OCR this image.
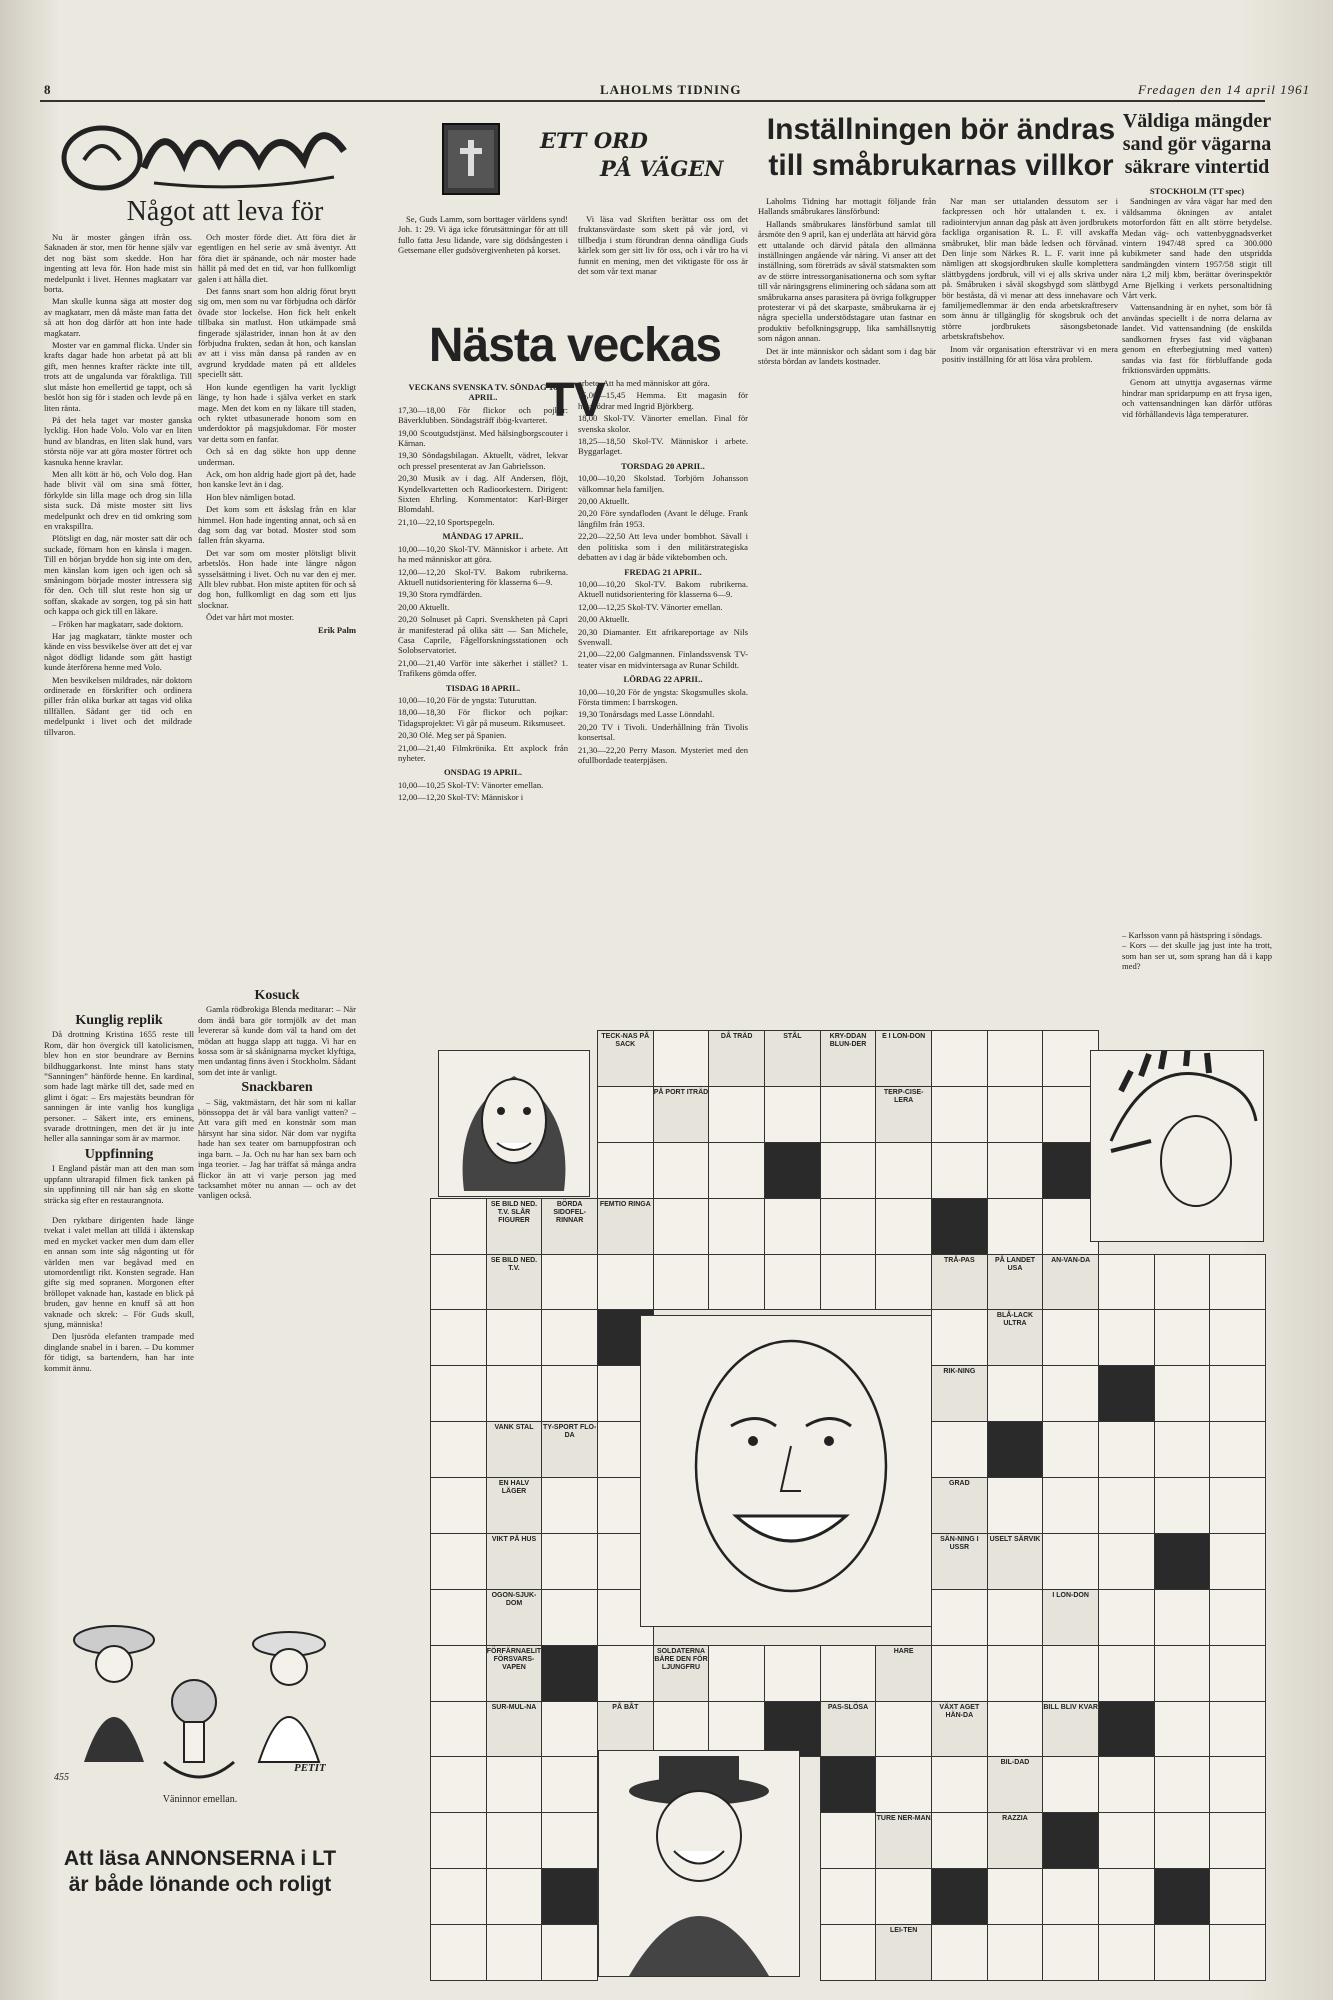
8	LAHOLMS TIDNING	Fredagen den 14 april 1961
Något att leva för

Nu är moster gången ifrån oss. Saknaden är stor, men för henne själv var det nog bäst som skedde. Hon har ingenting att leva för. Hon hade mist sin medelpunkt i livet. Hennes magkatarr var borta.

Man skulle kunna säga att moster dog av magkatarr, men då måste man fatta det så att hon dog därför att hon inte hade magkatarr.

Moster var en gammal flicka. Under sin krafts dagar hade hon arbetat på att bli gift, men hennes krafter räckte inte till, trots att de ungalunda var föraktliga. Till slut måste hon emellertid ge tappt, och så beslöt hon sig för i staden och levde på en liten ränta.

På det hela taget var moster ganska lycklig. Hon hade Volo. Volo var en liten hund av blandras, en liten slak hund, vars största nöje var att göra moster förtret och kasnuka henne kravlar.

Men allt kött är hö, och Volo dog. Han hade blivit väl om sina små fötter, förkylde sin lilla mage och drog sin lilla sista suck. Då miste moster sitt livs medelpunkt och drev en tid omkring som en vrakspillra.

Plötsligt en dag, när moster satt där och suckade, förnam hon en känsla i magen. Till en början brydde hon sig inte om den, men känslan kom igen och igen och så småningom började moster intressera sig för den. Och till slut reste hon sig ur soffan, skakade av sorgen, tog på sin hatt och kappa och gick till en läkare.

– Fröken har magkatarr, sade doktorn.

Har jag magkatarr, tänkte moster och kände en viss besvikelse över att det ej var något dödligt lidande som gått hastigt kunde återförena henne med Volo.

Men besvikelsen mildrades, när doktorn ordinerade en förskrifter och ordinera piller från olika burkar att tagas vid olika tillfällen. Sådant ger tid och en medelpunkt i livet och det mildrade tillvaron.

Och moster förde diet. Att föra diet är egentligen en hel serie av små äventyr. Att föra diet är spänande, och när moster hade hällit på med det en tid, var hon fullkomligt galen i att hålla diet.

Det fanns snart som hon aldrig förut brytt sig om, men som nu var förbjudna och därför övade stor lockelse. Hon fick helt enkelt tillbaka sin matlust. Hon utkämpade små fingerade själastrider, innan hon åt av den förbjudna frukten, sedan åt hon, och kanslan av att i viss mån dansa på randen av en avgrund kryddade maten på ett alldeles speciellt sätt.

Hon kunde egentligen ha varit lyckligt länge, ty hon hade i själva verket en stark mage. Men det kom en ny läkare till staden, och ryktet utbasunerade honom som en underdoktor på magsjukdomar. För moster var detta som en fanfar.

Och så en dag sökte hon upp denne underman.

Ack, om hon aldrig hade gjort på det, hade hon kanske levt än i dag.

Hon blev nämligen botad.

Det kom som ett åskslag från en klar himmel. Hon hade ingenting annat, och så en dag som dag var botad. Moster stod som fallen från skyarna.

Det var som om moster plötsligt blivit arbetslös. Hon hade inte längre någon sysselsättning i livet. Och nu var den ej mer. Allt blev rubbat. Hon miste aptiten för och så dog hon, fullkomligt en dag som ett ljus slocknar.

Ödet var hårt mot moster.

Erik Palm
Kunglig replik

Då drottning Kristina 1655 reste till Rom, där hon övergick till katolicismen, blev hon en stor beundrare av Bernins bildhuggarkonst. Inte minst hans staty ”Sanningen” hänförde henne. En kardinal, som hade lagt märke till det, sade med en glimt i ögat: – Ers majestäts beundran för sanningen är inte vanlig hos kungliga personer. – Säkert inte, ers eminens, svarade drottningen, men det är ju inte heller alla sanningar som är av marmor.

Uppfinning

I England påstår man att den man som uppfann ultrarapid filmen fick tanken på sin uppfinning till när han såg en skotte sträcka sig efter en restaurangnota.

Den ryktbare dirigenten hade länge tvekat i valet mellan att tilldä i äktenskap med en mycket vacker men dum dam eller en annan som inte såg någonting ut för världen men var begåvad med en utomordentligt rikt. Konsten segrade. Han gifte sig med sopranen. Morgonen efter bröllopet vaknade han, kastade en blick på bruden, gav henne en knuff så att hon vaknade och skrek: – För Guds skull, sjung, människa!

Den ljusröda elefanten trampade med dinglande snabel in i baren. – Du kommer för tidigt, sa bartendern, han har inte kommit ännu.

Kosuck

Gamla rödbrokiga Blenda meditarar: – När dom ändå bara gör tormjölk av det man levererar så kunde dom väl ta hand om det mödan att hugga slapp att tugga. Vi har en kossa som är så skånignarna mycket klyftiga, men undantag finns även i Stockholm. Sådant som det inte är vanligt.

Snackbaren

– Säg, vaktmästarn, det här som ni kallar bönssoppa det är väl bara vanligt vatten? – Att vara gift med en konstnär som man härsynt har sina sidor. När dom var nygifta hade han sex teater om barnuppfostran och inga barn. – Ja. Och nu har han sex barn och inga teorier. – Jag har träffat så många andra flickor än att vi varje person jag med tacksamhet möter nu annan — och av det vanligen också.

455
PETIT
Väninnor emellan.
Att läsa ANNONSERNA i LT
är både lönande och roligt
ETT ORD
PÅ VÄGEN

Se, Guds Lamm, som borttager världens synd! Joh. 1: 29. Vi äga icke förutsättningar för att till fullo fatta Jesu lidande, vare sig dödsångesten i Getsemane eller gudsövergivenheten på korset.

Vi läsa vad Skriften berättar oss om det fruktansvärdaste som skett på vår jord, vi tillbedja i stum förundran denna oändliga Guds kärlek som ger sitt liv för oss, och i vår tro ha vi funnit en mening, men det viktigaste för oss är det som vår text manar

Nästa veckas TV
VECKANS SVENSKA TV. SÖNDAG 16 APRIL.
17,30—18,00 För flickor och pojkar: Bäverklubben. Söndagsträff ibög-kvarteret.
19,00 Scoutgudstjänst. Med hälsingborgscouter i Kärnan.
19,30 Söndagsbilagan. Aktuellt, vädret, lekvar och pressel presenterat av Jan Gabrielsson.
20,30 Musik av i dag. Alf Andersen, flöjt, Kyndelkvartetten och Radioorkestern. Dirigent: Sixten Ehrling. Kommentator: Karl-Birger Blomdahl.
21,10—22,10 Sportspegeln.
MÅNDAG 17 APRIL.
10,00—10,20 Skol-TV. Människor i arbete. Att ha med människor att göra.
12,00—12,20 Skol-TV. Bakom rubrikerna. Aktuell nutidsorientering för klasserna 6—9.
19,30 Stora rymdfärden.
20,00 Aktuellt.
20,20 Solnuset på Capri. Svenskheten på Capri är manifesterad på olika sätt — San Michele, Casa Caprile, Fågelforskningsstationen och Solobservatoriet.
21,00—21,40 Varför inte säkerhet i stället? 1. Trafikens gömda offer.
TISDAG 18 APRIL.
10,00—10,20 För de yngsta: Tuturuttan.
18,00—18,30 För flickor och pojkar: Tidagsprojektet: Vi går på museum. Riksmuseet.
20,30 Olé. Meg ser på Spanien.
21,00—21,40 Filmkrönika. Ett axplock från nyheter.
ONSDAG 19 APRIL.
10,00—10,25 Skol-TV: Vänorter emellan.
12,00—12,20 Skol-TV: Människor i
arbete. Att ha med människor att göra.
15,00—15,45 Hemma. Ett magasin för husmödrar med Ingrid Björkberg.
18,00 Skol-TV. Vänorter emellan. Final för svenska skolor.
18,25—18,50 Skol-TV. Människor i arbete. Byggarlaget.
TORSDAG 20 APRIL.
10,00—10,20 Skolstad. Torbjörn Johansson välkomnar hela familjen.
20,00 Aktuellt.
20,20 Före syndafloden (Avant le déluge. Frank långfilm från 1953.
22,20—22,50 Att leva under bombhot. Sävall i den politiska som i den militärstrategiska debatten av i dag är både viktebomben och.
FREDAG 21 APRIL.
10,00—10,20 Skol-TV. Bakom rubrikerna. Aktuell nutidsorientering för klasserna 6—9.
12,00—12,25 Skol-TV. Vänorter emellan.
20,00 Aktuellt.
20,30 Diamanter. Ett afrikareportage av Nils Svenwall.
21,00—22,00 Galgmannen. Finlandssvensk TV-teater visar en midvintersaga av Runar Schildt.
LÖRDAG 22 APRIL.
10,00—10,20 För de yngsta: Skogsmulles skola. Första timmen: I barrskogen.
19,30 Tonårsdags med Lasse Lönndahl.
20,20 TV i Tivoli. Underhållning från Tivolis konsertsal.
21,30—22,20 Perry Mason. Mysteriet med den ofullbordade teaterpjäsen.
Inställningen bör ändras
till småbrukarnas villkor

Laholms Tidning har mottagit följande från Hallands småbrukares länsförbund:

Hallands småbrukares länsförbund samlat till årsmöte den 9 april, kan ej underlåta att härvid göra ett uttalande och därvid påtala den allmänna inställningen angående vår näring. Vi anser att det inställning, som företräds av såväl statsmakten som av de större intressorganisationerna och som syftar till vår näringsgrens eliminering och sådana som att småbrukarna anses parasitera på övriga folkgrupper protesterar vi på det skarpaste, småbrukarna är ej några speciella understödstagare utan fastnar en produktiv befolkningsgrupp, lika samhällsnyttig som någon annan.

Det är inte människor och sådant som i dag bär största bördan av landets kostnader.

Nar man ser uttalanden dessutom ser i fackpressen och hör uttalanden t. ex. i radiointervjun annan dag påsk att även jordbrukets fackliga organisation R. L. F. vill avskaffa småbruket, blir man både ledsen och förvånad. Den linje som Närkes R. L. F. varit inne på nämligen att skogsjordbruken skulle komplettera slättbygdens jordbruk, vill vi ej alls skriva under på. Småbruken i såväl skogsbygd som slättbygd bör beståsta, då vi menar att dess innehavare och familjemedlemmar är den enda arbetskraftreserv som ännu är tillgänglig för skogsbruk och det större jordbrukets säsongsbetonade arbetskraftsbehov.

Inom vår organisation eftersträvar vi en mera positiv inställning för att lösa våra problem.

Väldiga mängder
sand gör vägarna
säkrare vintertid
STOCKHOLM (TT spec)

Sandningen av våra vägar har med den väldsamma ökningen av antalet motorfordon fått en allt större betydelse. Medan väg- och vattenbyggnadsverket vintern 1947/48 spred ca 300.000 kubikmeter sand hade den utspridda sandmängden vintern 1957/58 stigit till nära 1,2 milj kbm, berättar överinspektör Arne Bjelking i verkets personaltidning Vårt verk.

Vattensandning är en nyhet, som bör få användas speciellt i de norra delarna av landet. Vid vattensandning (de enskilda sandkornen fryses fast vid vägbanan genom en efterbegjutning med vatten) sandas via fast för förbluffande goda friktionsvärden uppmätts.

Genom att utnyttja avgasernas värme hindrar man spridarpump en att frysa igen, och vattensandningen kan därför utföras vid förhållandevis låga temperaturer.

– Karlsson vann på hästspring i söndags.
– Kors — det skulle jag just inte ha trott, som han ser ut, som sprang han då i kapp med?
TECK-NAS PÅ SACK
DÅ TRÄD	STÅL	KRY-DDAN BLUN-DER
E I LON-DON
PÅ PORT ITRÄD	TERP-CISE-LERA
SE BILD NED. T.V. SLÅR FIGURER
BÖRDA SIDOFEL-RINNAR
FEMTIO RINGA
SE BILD NED. T.V.
TRÅ-PAS	PÅ LANDET USA
AN-VAN-DA
BLÅ-LACK ULTRA
RIK-NING
VANK STAL	TY-SPORT FLO-DA
EN HALV LÄGER
GRAD
VIKT PÅ HUS	SÄN-NING I USSR
USELT SÄRVIK
OGON-SJUK-DOM
I LON-DON
FÖRFÄRNAELIT FÖRSVARS-VAPEN
SOLDATERNA BÄRE DEN FÖR LJUNGFRU
HARE
SUR-MUL-NA	PÅ BÅT	PAS-SLÖSA	VÄXT AGET HÄN-DA
BILL BLIV KVAR
BIL-DAD
TURE NER-MAN	RAZZIA
LEI-TEN
